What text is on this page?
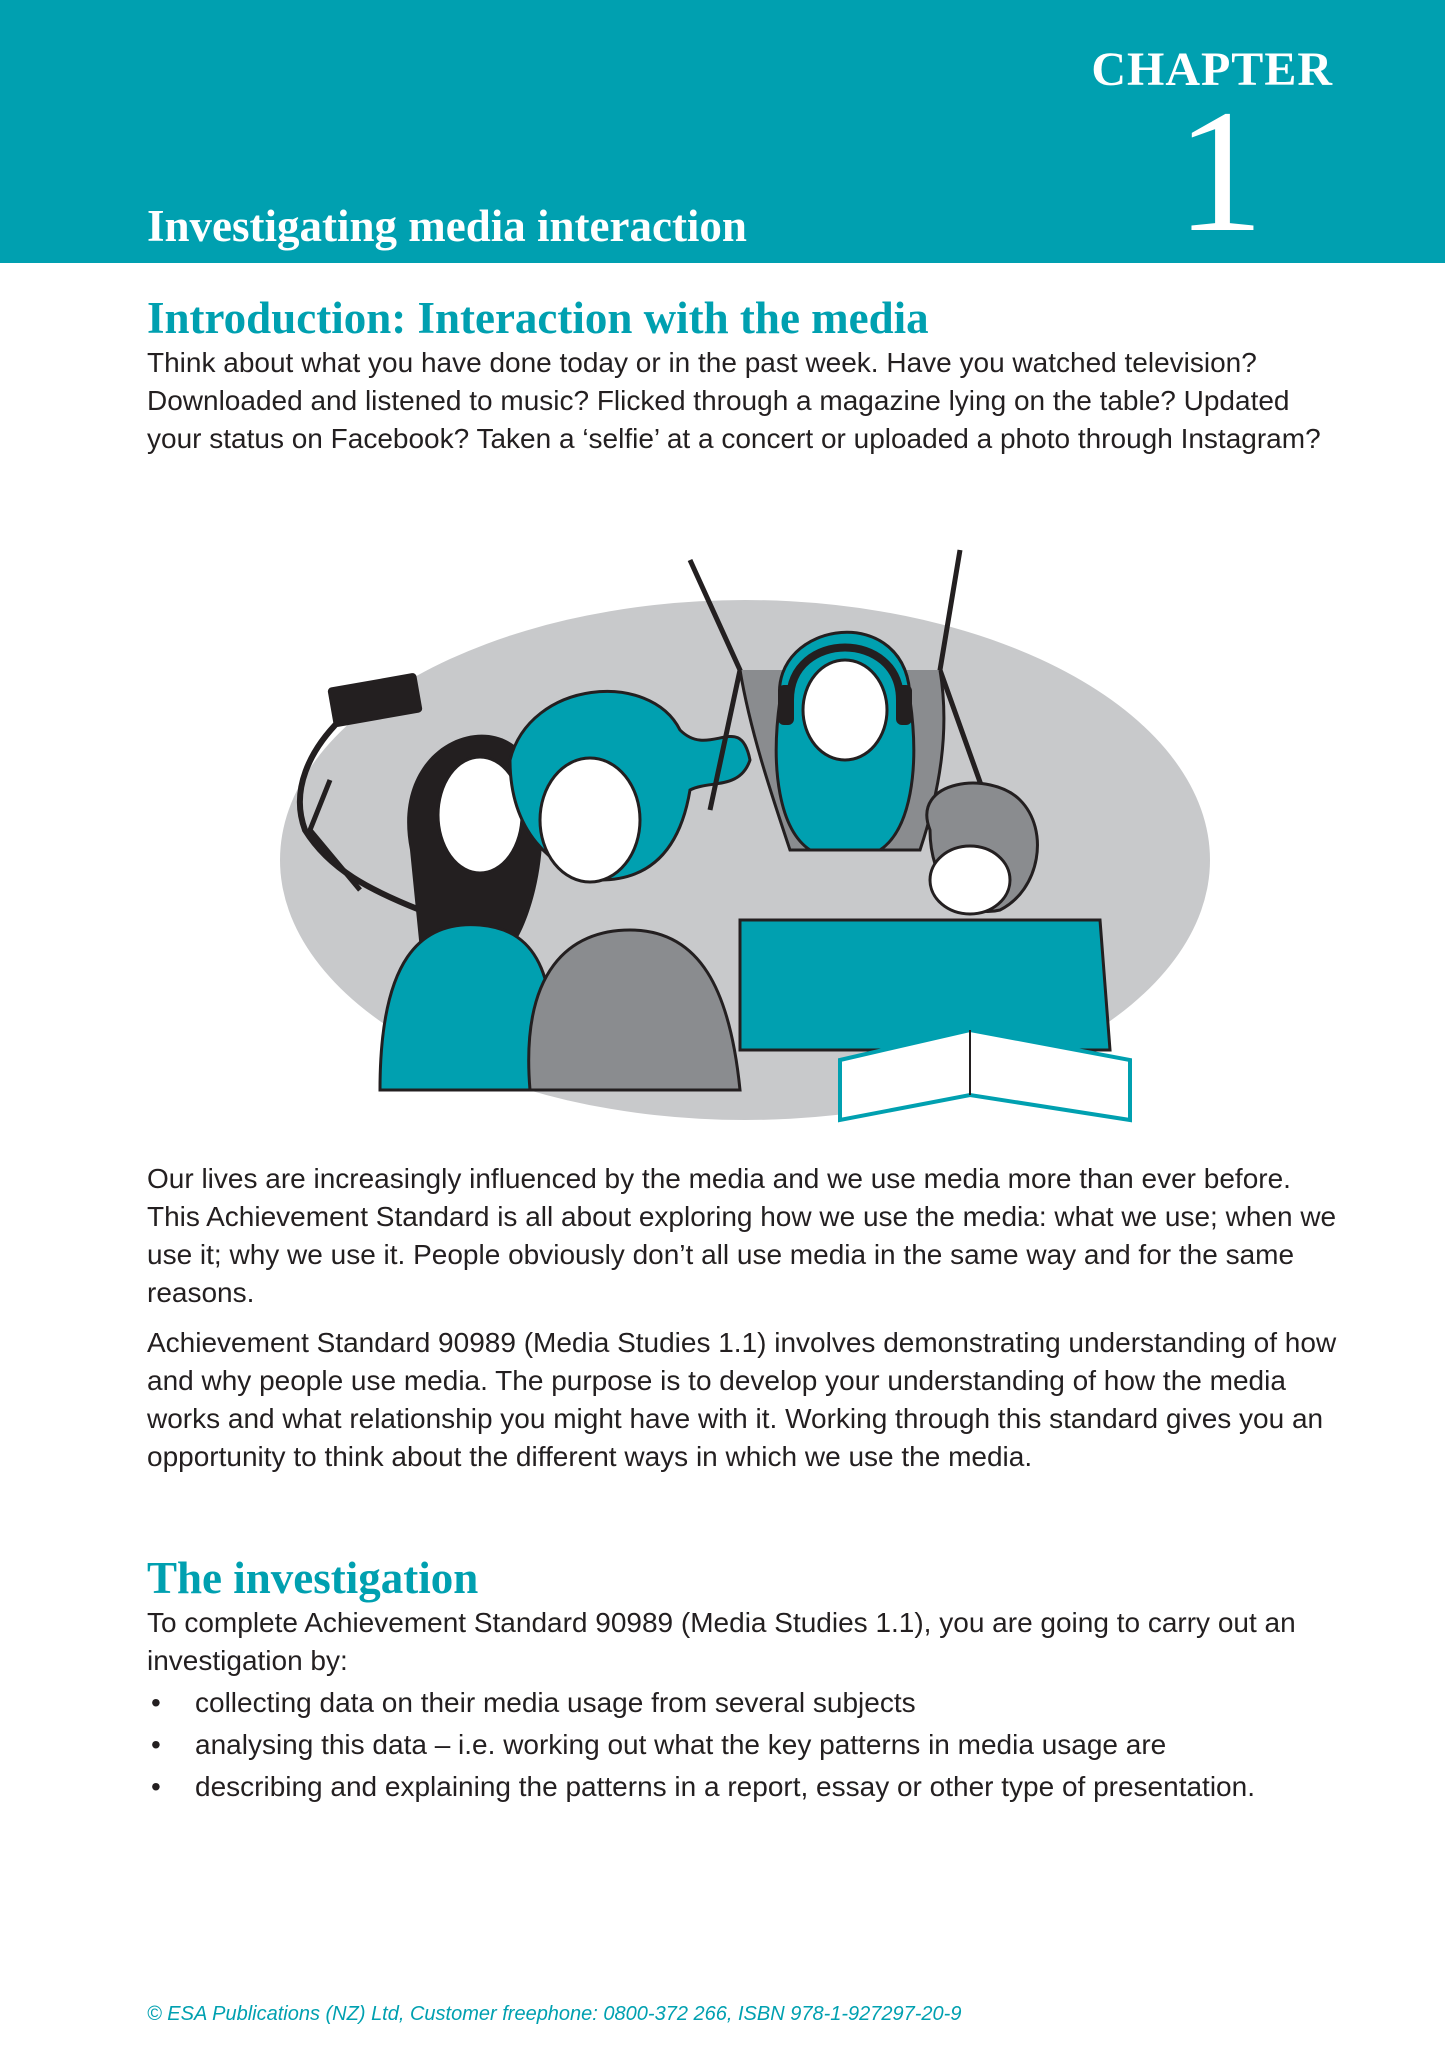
CHAPTER
1
Investigating media interaction
Introduction: Interaction with the media

Think about what you have done today or in the past week. Have you watched television? Downloaded and listened to music? Flicked through a magazine lying on the table? Updated your status on Facebook? Taken a ‘selfie’ at a concert or uploaded a photo through Instagram?

Our lives are increasingly influenced by the media and we use media more than ever before. This Achievement Standard is all about exploring how we use the media: what we use; when we use it; why we use it. People obviously don’t all use media in the same way and for the same reasons.

Achievement Standard 90989 (Media Studies 1.1) involves demonstrating understanding of how and why people use media. The purpose is to develop your understanding of how the media works and what relationship you might have with it. Working through this standard gives you an opportunity to think about the different ways in which we use the media.

The investigation

To complete Achievement Standard 90989 (Media Studies 1.1), you are going to carry out an investigation by:

• collecting data on their media usage from several subjects
• analysing this data – i.e. working out what the key patterns in media usage are
• describing and explaining the patterns in a report, essay or other type of presentation.
© ESA Publications (NZ) Ltd, Customer freephone: 0800-372 266, ISBN 978-1-927297-20-9
